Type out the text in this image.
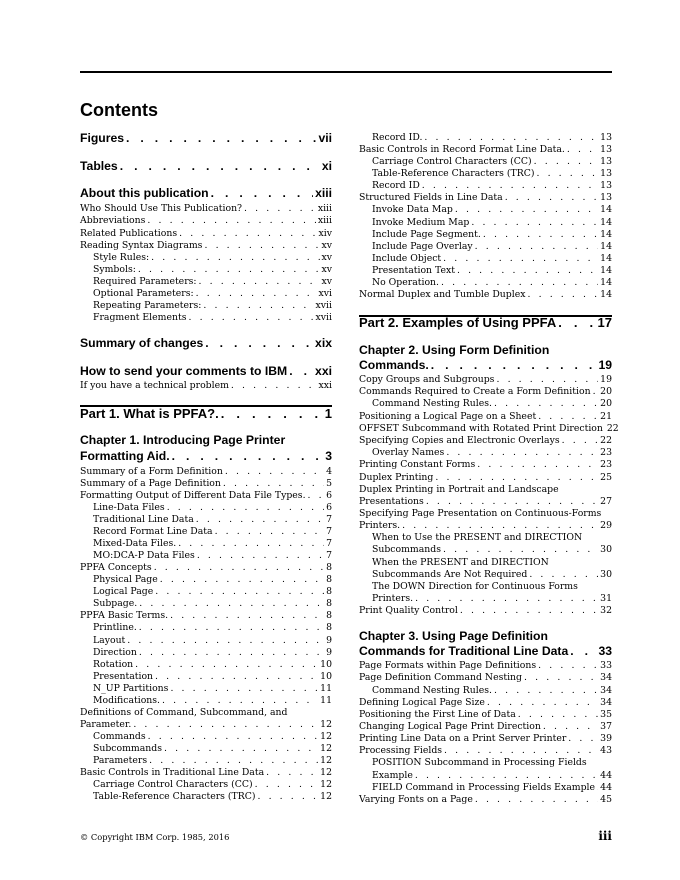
Contents
Figures . . .	vii
Tables . . .	xi
About this publication . . .	xiii
Who Should Use This Publication? . . .	xiii
Abbreviations . . .	xiii
Related Publications . . .	xiv
Reading Syntax Diagrams . . .	xv
Style Rules: . . .	xv
Symbols: . . .	xv
Required Parameters: . . .	xv
Optional Parameters: . . .	xvi
Repeating Parameters: . . .	xvii
Fragment Elements . . .	xvii
Summary of changes . . .	xix
How to send your comments to IBM . . . xxi
If you have a technical problem . . .	xxi
Part 1. What is PPFA?. . . .	1
Chapter 1. Introducing Page Printer
Formatting Aid. . . .	3
Summary of a Form Definition . . .	4
Summary of a Page Definition . . .	5
Formatting Output of Different Data File Types. . . . 6
Line-Data Files . . .	6
Traditional Line Data . . .	7
Record Format Line Data . . .	7
Mixed-Data Files. . . .	7
MO:DCA-P Data Files . . .	7
PPFA Concepts . . .	8
Physical Page . . .	8
Logical Page . . .	8
Subpage. . . .	8
PPFA Basic Terms. . . .	8
Printline. . . .	8
Layout . . .	9
Direction . . .	9
Rotation . . .	10
Presentation . . .	10
N_UP Partitions . . .	11
Modifications. . . .	11
Definitions of Command, Subcommand, and
Parameter. . . .	12
Commands . . .	12
Subcommands . . .	12
Parameters . . .	12
Basic Controls in Traditional Line Data . . .	12
Carriage Control Characters (CC) . . .	12
Table-Reference Characters (TRC) . . .	12
Record ID. . . .	13
Basic Controls in Record Format Line Data. . . .	13
Carriage Control Characters (CC) . . .	13
Table-Reference Characters (TRC) . . .	13
Record ID . . .	13
Structured Fields in Line Data . . .	13
Invoke Data Map . . .	14
Invoke Medium Map . . .	14
Include Page Segment. . . .	14
Include Page Overlay . . .	14
Include Object . . .	14
Presentation Text . . .	14
No Operation. . . .	14
Normal Duplex and Tumble Duplex . . .	14
Part 2. Examples of Using PPFA . . .	17
Chapter 2. Using Form Definition
Commands. . . .	19
Copy Groups and Subgroups . . .	19
Commands Required to Create a Form Definition . . . 20
Command Nesting Rules. . . .	20
Positioning a Logical Page on a Sheet . . .	21
OFFSET Subcommand with Rotated Print Direction 22
Specifying Copies and Electronic Overlays . . .	22
Overlay Names . . .	23
Printing Constant Forms . . .	23
Duplex Printing . . .	25
Duplex Printing in Portrait and Landscape
Presentations . . .	27
Specifying Page Presentation on Continuous-Forms
Printers. . . .	29
When to Use the PRESENT and DIRECTION
Subcommands . . .	30
When the PRESENT and DIRECTION
Subcommands Are Not Required . . .	30
The DOWN Direction for Continuous Forms
Printers. . . .	31
Print Quality Control . . .	32
Chapter 3. Using Page Definition
Commands for Traditional Line Data . . . 33
Page Formats within Page Definitions . . .	33
Page Definition Command Nesting . . .	34
Command Nesting Rules. . . .	34
Defining Logical Page Size . . .	34
Positioning the First Line of Data . . .	35
Changing Logical Page Print Direction . . .	37
Printing Line Data on a Print Server Printer . . .	39
Processing Fields . . .	43
POSITION Subcommand in Processing Fields
Example . . .	44
FIELD Command in Processing Fields Example . . . 44
Varying Fonts on a Page . . .	45
© Copyright IBM Corp. 1985, 2016	iii
